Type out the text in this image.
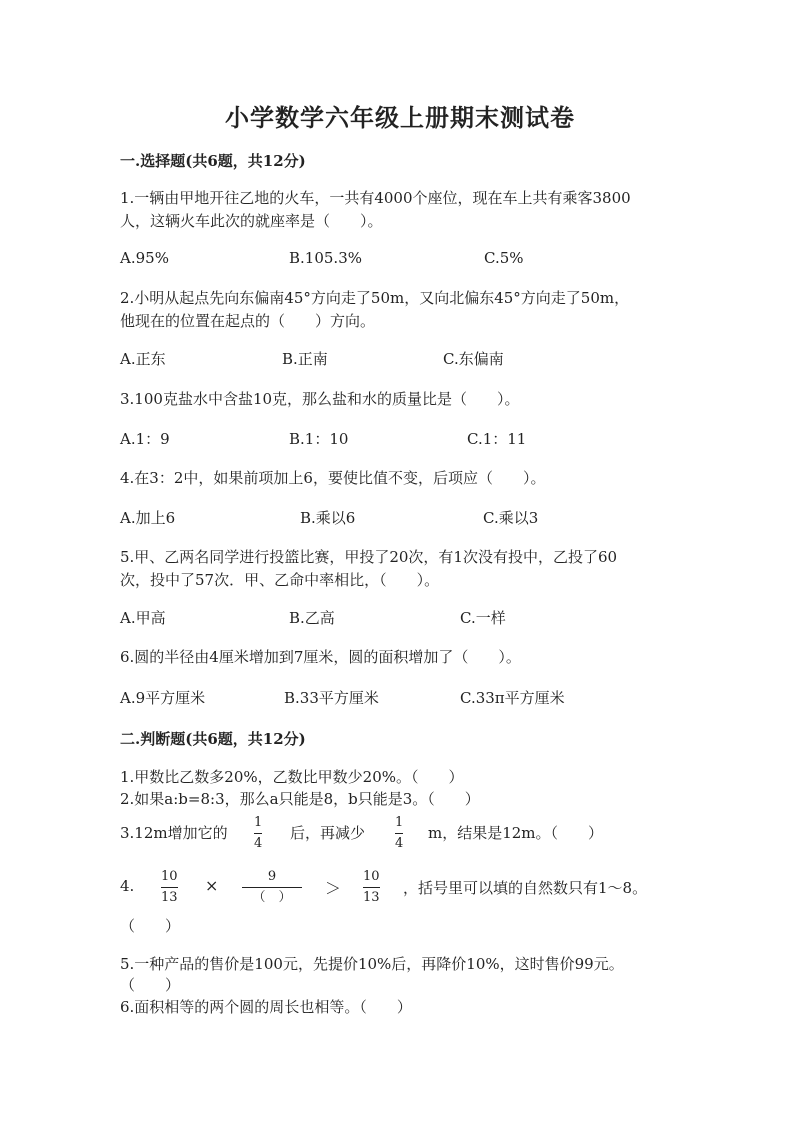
小学数学六年级上册期末测试卷
一.选择题(共6题，共12分)
1.一辆由甲地开往乙地的火车，一共有4000个座位，现在车上共有乘客3800
人，这辆火车此次的就座率是（　　）。
A.95%	B.105.3%	C.5%
2.小明从起点先向东偏南45°方向走了50m，又向北偏东45°方向走了50m，
他现在的位置在起点的（　　）方向。
A.正东	B.正南	C.东偏南
3.100克盐水中含盐10克，那么盐和水的质量比是（　　）。
A.1：9	B.1：10	C.1：11
4.在3：2中，如果前项加上6，要使比值不变，后项应（　　）。
A.加上6	B.乘以6	C.乘以3
5.甲、乙两名同学进行投篮比赛，甲投了20次，有1次没有投中，乙投了60
次，投中了57次．甲、乙命中率相比，（　　）。
A.甲高	B.乙高	C.一样
6.圆的半径由4厘米增加到7厘米，圆的面积增加了（　　）。
A.9平方厘米	B.33平方厘米	C.33π平方厘米
二.判断题(共6题，共12分)
1.甲数比乙数多20%，乙数比甲数少20%。（　　）
2.如果a:b=8:3，那么a只能是8，b只能是3。（　　）
3.12m增加它的
1
4
后，再减少
1
4
m，结果是12m。（　　）
4.
10
13
×	9
（　） ＞
10
13
，括号里可以填的自然数只有1～8。
（　　）
5.一种产品的售价是100元，先提价10%后，再降价10%，这时售价99元。
（　　）
6.面积相等的两个圆的周长也相等。（　　）
